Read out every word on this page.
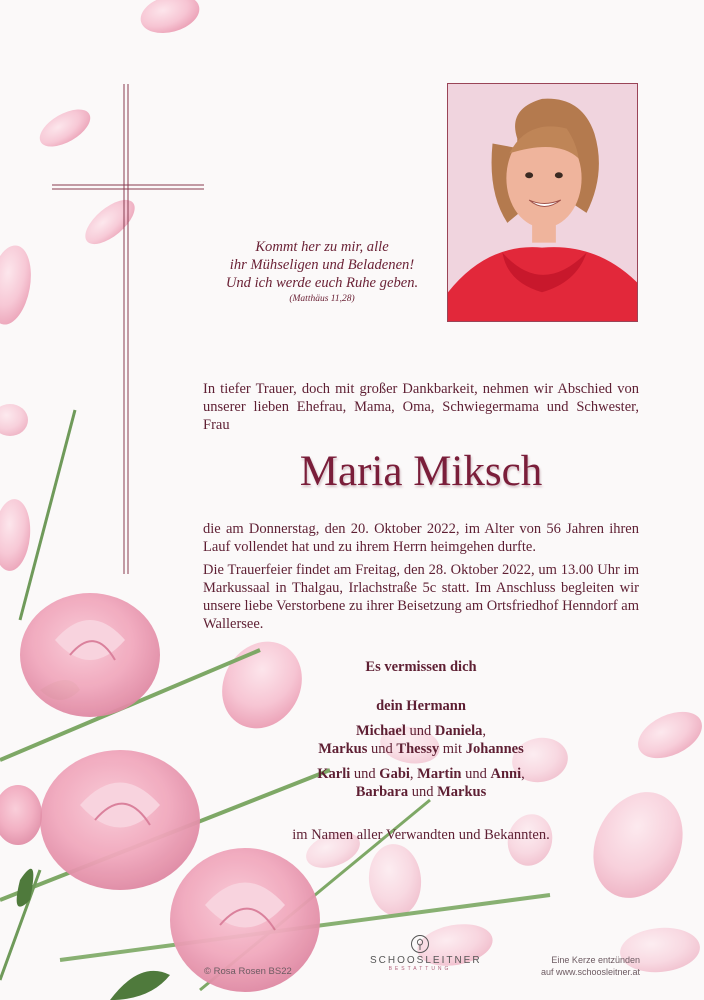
Kommt her zu mir, alle
ihr Mühseligen und Beladenen!
Und ich werde euch Ruhe geben.
(Matthäus 11,28)
In tiefer Trauer, doch mit großer Dankbarkeit, nehmen wir Abschied von unserer lieben Ehefrau, Mama, Oma, Schwiegermama und Schwester, Frau
Maria Miksch
die am Donnerstag, den 20. Oktober 2022, im Alter von 56 Jahren ihren Lauf vollendet hat und zu ihrem Herrn heimgehen durfte.
Die Trauerfeier findet am Freitag, den 28. Oktober 2022, um 13.00 Uhr im Markussaal in Thalgau, Irlachstraße 5c statt. Im Anschluss begleiten wir unsere liebe Verstorbene zu ihrer Beisetzung am Ortsfriedhof Henndorf am Wallersee.
Es vermissen dich
dein Hermann
Michael und Daniela,
Markus und Thessy mit Johannes
Karli und Gabi, Martin und Anni,
Barbara und Markus
im Namen aller Verwandten und Bekannten.
© Rosa Rosen BS22
SCHOOSLEITNER
BESTATTUNG
Eine Kerze entzünden
auf www.schoosleitner.at
